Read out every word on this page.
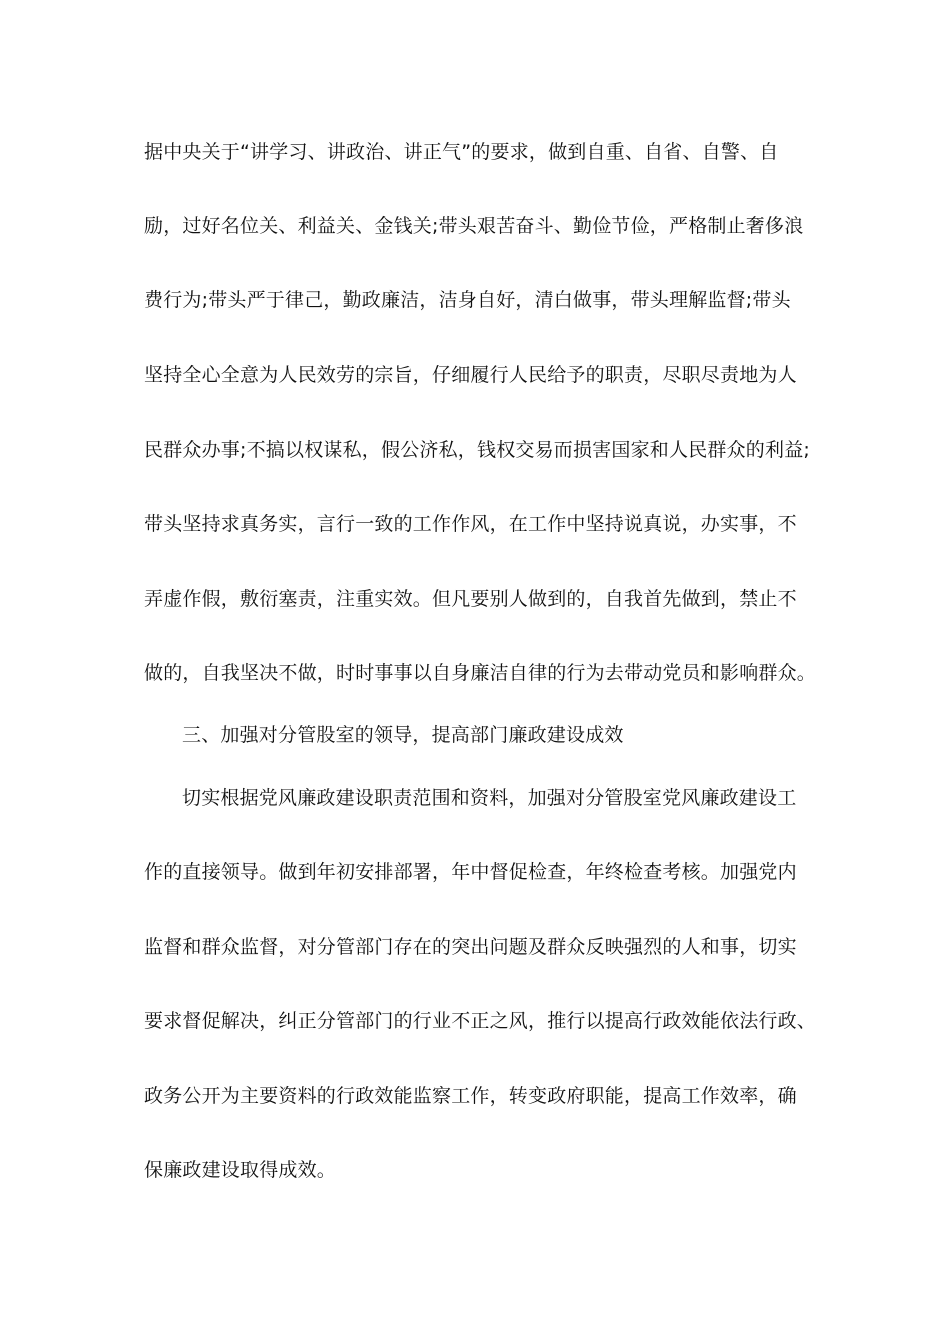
据中央关于“讲学习、讲政治、讲正气”的要求，做到自重、自省、自警、自
励，过好名位关、利益关、金钱关;带头艰苦奋斗、勤俭节俭，严格制止奢侈浪
费行为;带头严于律己，勤政廉洁，洁身自好，清白做事，带头理解监督;带头
坚持全心全意为人民效劳的宗旨，仔细履行人民给予的职责，尽职尽责地为人
民群众办事;不搞以权谋私，假公济私，钱权交易而损害国家和人民群众的利益;
带头坚持求真务实，言行一致的工作作风，在工作中坚持说真说，办实事，不
弄虚作假，敷衍塞责，注重实效。但凡要别人做到的，自我首先做到，禁止不
做的，自我坚决不做，时时事事以自身廉洁自律的行为去带动党员和影响群众。
三、加强对分管股室的领导，提高部门廉政建设成效
切实根据党风廉政建设职责范围和资料，加强对分管股室党风廉政建设工
作的直接领导。做到年初安排部署，年中督促检查，年终检查考核。加强党内
监督和群众监督，对分管部门存在的突出问题及群众反映强烈的人和事，切实
要求督促解决，纠正分管部门的行业不正之风，推行以提高行政效能依法行政、
政务公开为主要资料的行政效能监察工作，转变政府职能，提高工作效率，确
保廉政建设取得成效。
